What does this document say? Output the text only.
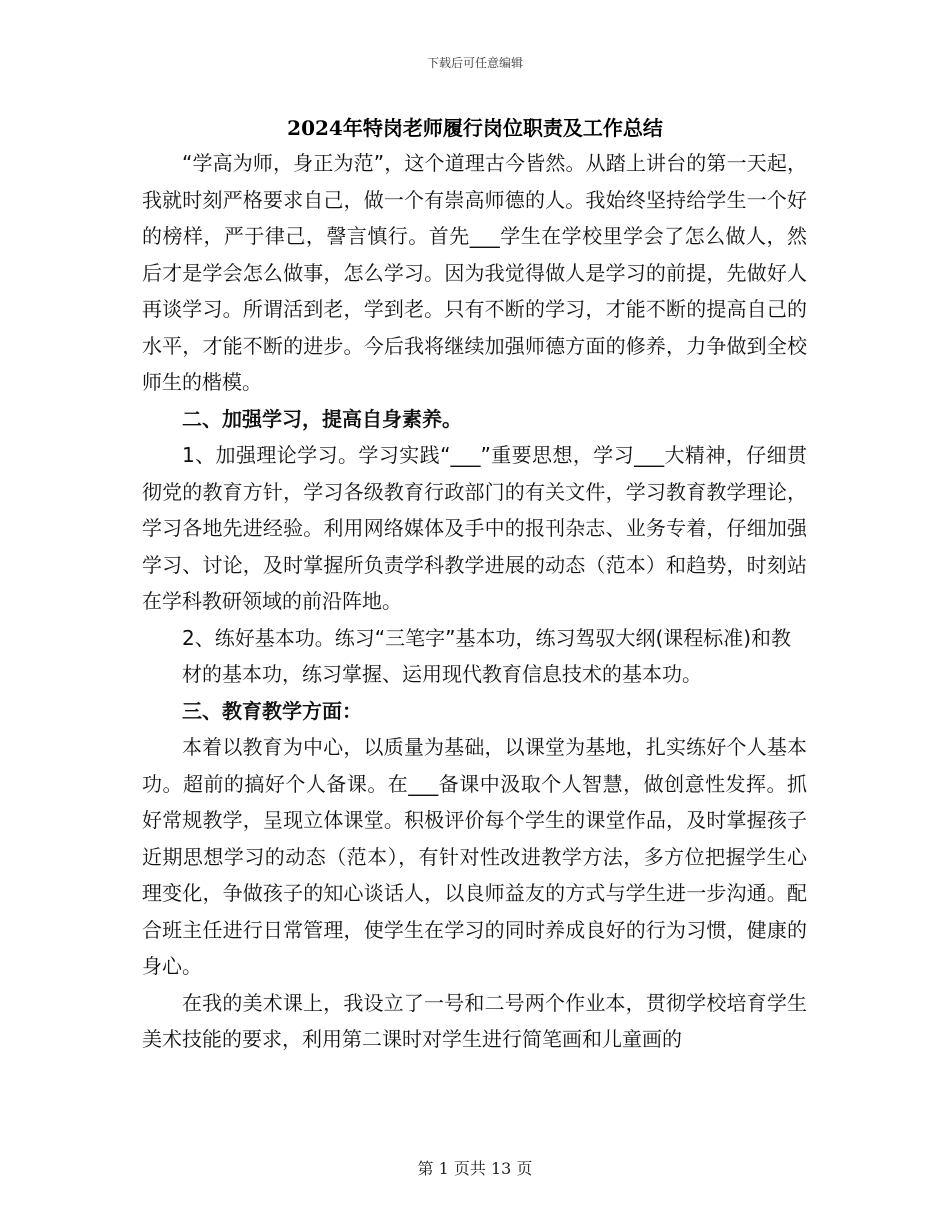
下载后可任意编辑
2024年特岗老师履行岗位职责及工作总结

“学高为师，身正为范”，这个道理古今皆然。从踏上讲台的第一天起，我就时刻严格要求自己，做一个有崇高师德的人。我始终坚持给学生一个好的榜样，严于律己，謦言慎行。首先___学生在学校里学会了怎么做人，然后才是学会怎么做事，怎么学习。因为我觉得做人是学习的前提，先做好人再谈学习。所谓活到老，学到老。只有不断的学习，才能不断的提高自己的水平，才能不断的进步。今后我将继续加强师德方面的修养，力争做到全校师生的楷模。

二、加强学习，提高自身素养。

1、加强理论学习。学习实践“___”重要思想，学习___大精神，仔细贯彻党的教育方针，学习各级教育行政部门的有关文件，学习教育教学理论，学习各地先进经验。利用网络媒体及手中的报刊杂志、业务专着，仔细加强学习、讨论，及时掌握所负责学科教学进展的动态（范本）和趋势，时刻站在学科教研领域的前沿阵地。

2、练好基本功。练习“三笔字”基本功，练习驾驭大纲(课程标准)和教

材的基本功，练习掌握、运用现代教育信息技术的基本功。

三、教育教学方面：

本着以教育为中心，以质量为基础，以课堂为基地，扎实练好个人基本功。超前的搞好个人备课。在___备课中汲取个人智慧，做创意性发挥。抓好常规教学，呈现立体课堂。积极评价每个学生的课堂作品，及时掌握孩子近期思想学习的动态（范本），有针对性改进教学方法，多方位把握学生心理变化，争做孩子的知心谈话人，以良师益友的方式与学生进一步沟通。配合班主任进行日常管理，使学生在学习的同时养成良好的行为习惯，健康的身心。

在我的美术课上，我设立了一号和二号两个作业本，贯彻学校培育学生美术技能的要求，利用第二课时对学生进行简笔画和儿童画的

第 1 页共 13 页
